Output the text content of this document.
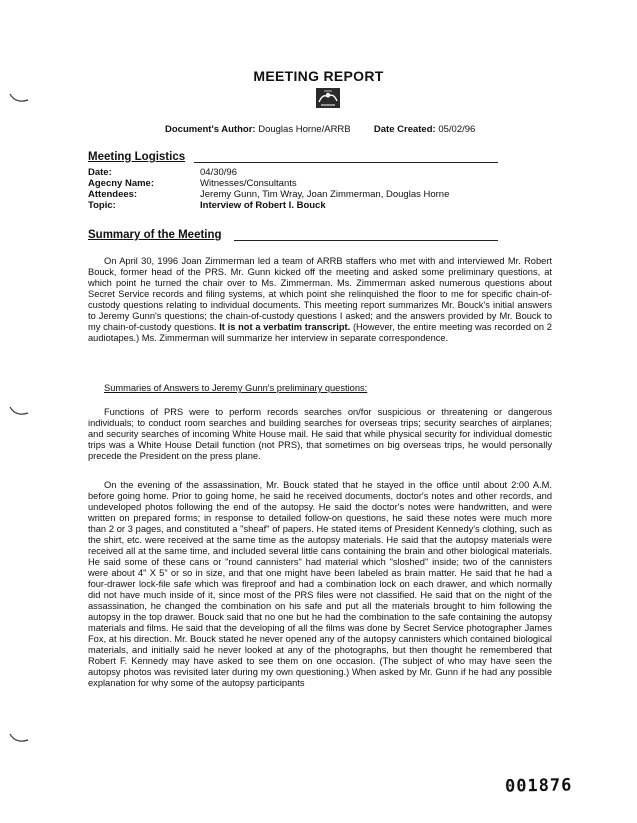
MEETING REPORT
Document's Author: Douglas Horne/ARRB Date Created: 05/02/96
Meeting Logistics
Date:	04/30/96
Agecny Name:	Witnesses/Consultants
Attendees:	Jeremy Gunn, Tim Wray, Joan Zimmerman, Douglas Horne
Topic:	Interview of Robert I. Bouck
Summary of the Meeting

On April 30, 1996 Joan Zimmerman led a team of ARRB staffers who met with and interviewed Mr. Robert Bouck, former head of the PRS. Mr. Gunn kicked off the meeting and asked some preliminary questions, at which point he turned the chair over to Ms. Zimmerman. Ms. Zimmerman asked numerous questions about Secret Service records and filing systems, at which point she relinquished the floor to me for specific chain-of-custody questions relating to individual documents. This meeting report summarizes Mr. Bouck's initial answers to Jeremy Gunn's questions; the chain-of-custody questions I asked; and the answers provided by Mr. Bouck to my chain-of-custody questions. It is not a verbatim transcript. (However, the entire meeting was recorded on 2 audiotapes.) Ms. Zimmerman will summarize her interview in separate correspondence.

Summaries of Answers to Jeremy Gunn's preliminary questions:

Functions of PRS were to perform records searches on/for suspicious or threatening or dangerous individuals; to conduct room searches and building searches for overseas trips; security searches of airplanes; and security searches of incoming White House mail. He said that while physical security for individual domestic trips was a White House Detail function (not PRS), that sometimes on big overseas trips, he would personally precede the President on the press plane.

On the evening of the assassination, Mr. Bouck stated that he stayed in the office until about 2:00 A.M. before going home. Prior to going home, he said he received documents, doctor's notes and other records, and undeveloped photos following the end of the autopsy. He said the doctor's notes were handwritten, and were written on prepared forms; in response to detailed follow-on questions, he said these notes were much more than 2 or 3 pages, and constituted a "sheaf" of papers. He stated items of President Kennedy's clothing, such as the shirt, etc. were received at the same time as the autopsy materials. He said that the autopsy materials were received all at the same time, and included several little cans containing the brain and other biological materials. He said some of these cans or "round cannisters" had material which "sloshed" inside; two of the cannisters were about 4" X 5" or so in size, and that one might have been labeled as brain matter. He said that he had a four-drawer lock-file safe which was fireproof and had a combination lock on each drawer, and which normally did not have much inside of it, since most of the PRS files were not classified. He said that on the night of the assassination, he changed the combination on his safe and put all the materials brought to him following the autopsy in the top drawer. Bouck said that no one but he had the combination to the safe containing the autopsy materials and films. He said that the developing of all the films was done by Secret Service photographer James Fox, at his direction. Mr. Bouck stated he never opened any of the autopsy cannisters which contained biological materials, and initially said he never looked at any of the photographs, but then thought he remembered that Robert F. Kennedy may have asked to see them on one occasion. (The subject of who may have seen the autopsy photos was revisited later during my own questioning.) When asked by Mr. Gunn if he had any possible explanation for why some of the autopsy participants

001876
